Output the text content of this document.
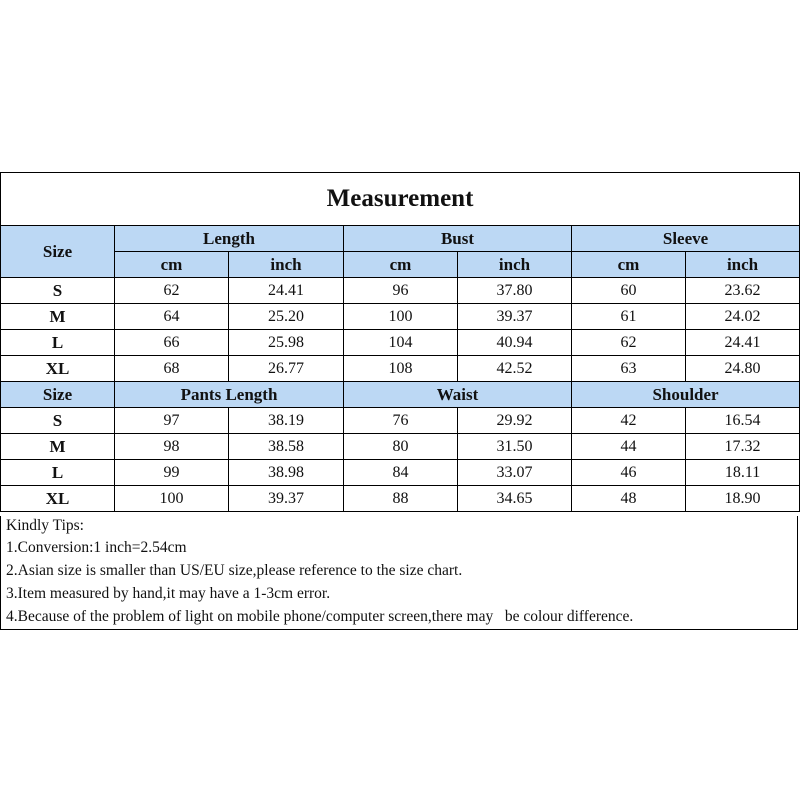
Measurement						
Size	Length		Bust		Sleeve	
	cm	inch	cm	inch	cm	inch
S	62	24.41	96	37.80	60	23.62
M	64	25.20	100	39.37	61	24.02
L	66	25.98	104	40.94	62	24.41
XL	68	26.77	108	42.52	63	24.80
Size	Pants Length		Waist		Shoulder	
S	97	38.19	76	29.92	42	16.54
M	98	38.58	80	31.50	44	17.32
L	99	38.98	84	33.07	46	18.11
XL	100	39.37	88	34.65	48	18.90
Kindly Tips:
1.Conversion:1 inch=2.54cm
2.Asian size is smaller than US/EU size,please reference to the size chart.
3.Item measured by hand,it may have a 1-3cm error.
4.Because of the problem of light on mobile phone/computer screen,there may   be colour difference.
